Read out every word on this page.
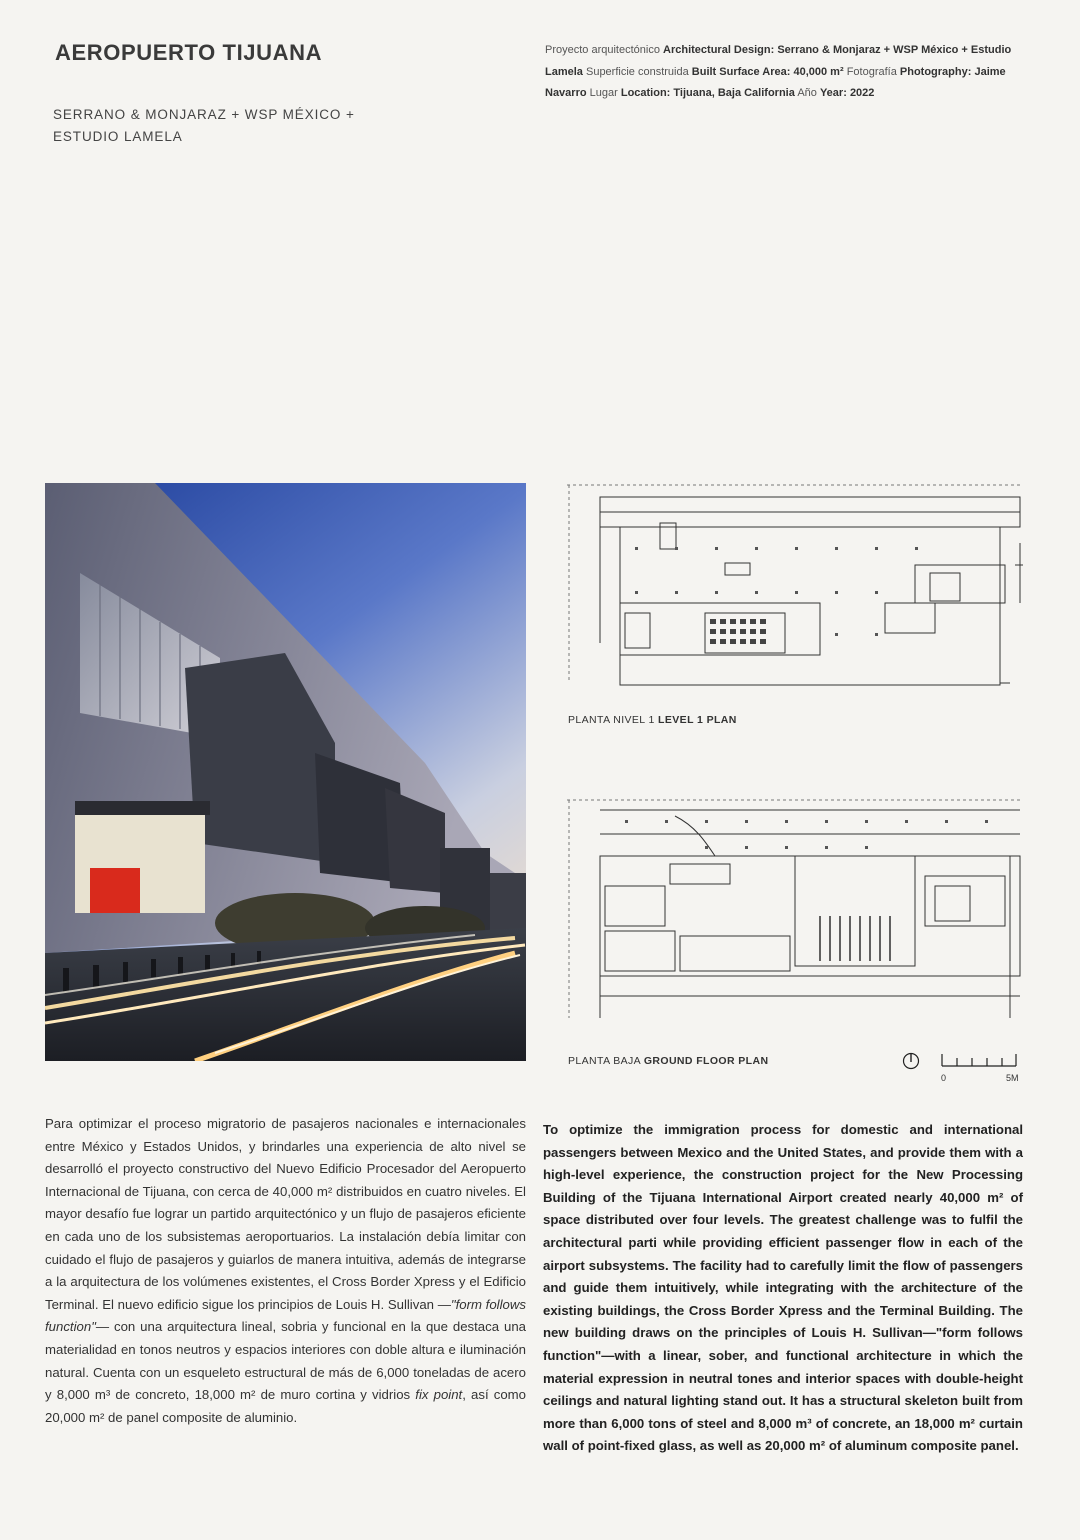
AEROPUERTO TIJUANA
SERRANO & MONJARAZ + WSP MÉXICO +
ESTUDIO LAMELA
Proyecto arquitectónico Architectural Design: Serrano & Monjaraz + WSP México + Estudio Lamela Superficie construida Built Surface Area: 40,000 m² Fotografía Photography: Jaime Navarro Lugar Location: Tijuana, Baja California Año Year: 2022
PLANTA NIVEL 1 LEVEL 1 PLAN
PLANTA BAJA GROUND FLOOR PLAN
0	5M
Para optimizar el proceso migratorio de pasajeros nacionales e internacionales entre México y Estados Unidos, y brindarles una experiencia de alto nivel se desarrolló el proyecto constructivo del Nuevo Edificio Procesador del Aeropuerto Internacional de Tijuana, con cerca de 40,000 m² distribuidos en cuatro niveles. El mayor desafío fue lograr un partido arquitectónico y un flujo de pasajeros eficiente en cada uno de los subsistemas aeroportuarios. La instalación debía limitar con cuidado el flujo de pasajeros y guiarlos de manera intuitiva, además de integrarse a la arquitectura de los volúmenes existentes, el Cross Border Xpress y el Edificio Terminal. El nuevo edificio sigue los principios de Louis H. Sullivan —"form follows function"— con una arquitectura lineal, sobria y funcional en la que destaca una materialidad en tonos neutros y espacios interiores con doble altura e iluminación natural. Cuenta con un esqueleto estructural de más de 6,000 toneladas de acero y 8,000 m³ de concreto, 18,000 m² de muro cortina y vidrios fix point, así como 20,000 m² de panel composite de aluminio.
To optimize the immigration process for domestic and international passengers between Mexico and the United States, and provide them with a high-level experience, the construction project for the New Processing Building of the Tijuana International Airport created nearly 40,000 m² of space distributed over four levels. The greatest challenge was to fulfil the architectural parti while providing efficient passenger flow in each of the airport subsystems. The facility had to carefully limit the flow of passengers and guide them intuitively, while integrating with the architecture of the existing buildings, the Cross Border Xpress and the Terminal Building. The new building draws on the principles of Louis H. Sullivan—"form follows function"—with a linear, sober, and functional architecture in which the material expression in neutral tones and interior spaces with double-height ceilings and natural lighting stand out. It has a structural skeleton built from more than 6,000 tons of steel and 8,000 m³ of concrete, an 18,000 m² curtain wall of point-fixed glass, as well as 20,000 m² of aluminum composite panel.
